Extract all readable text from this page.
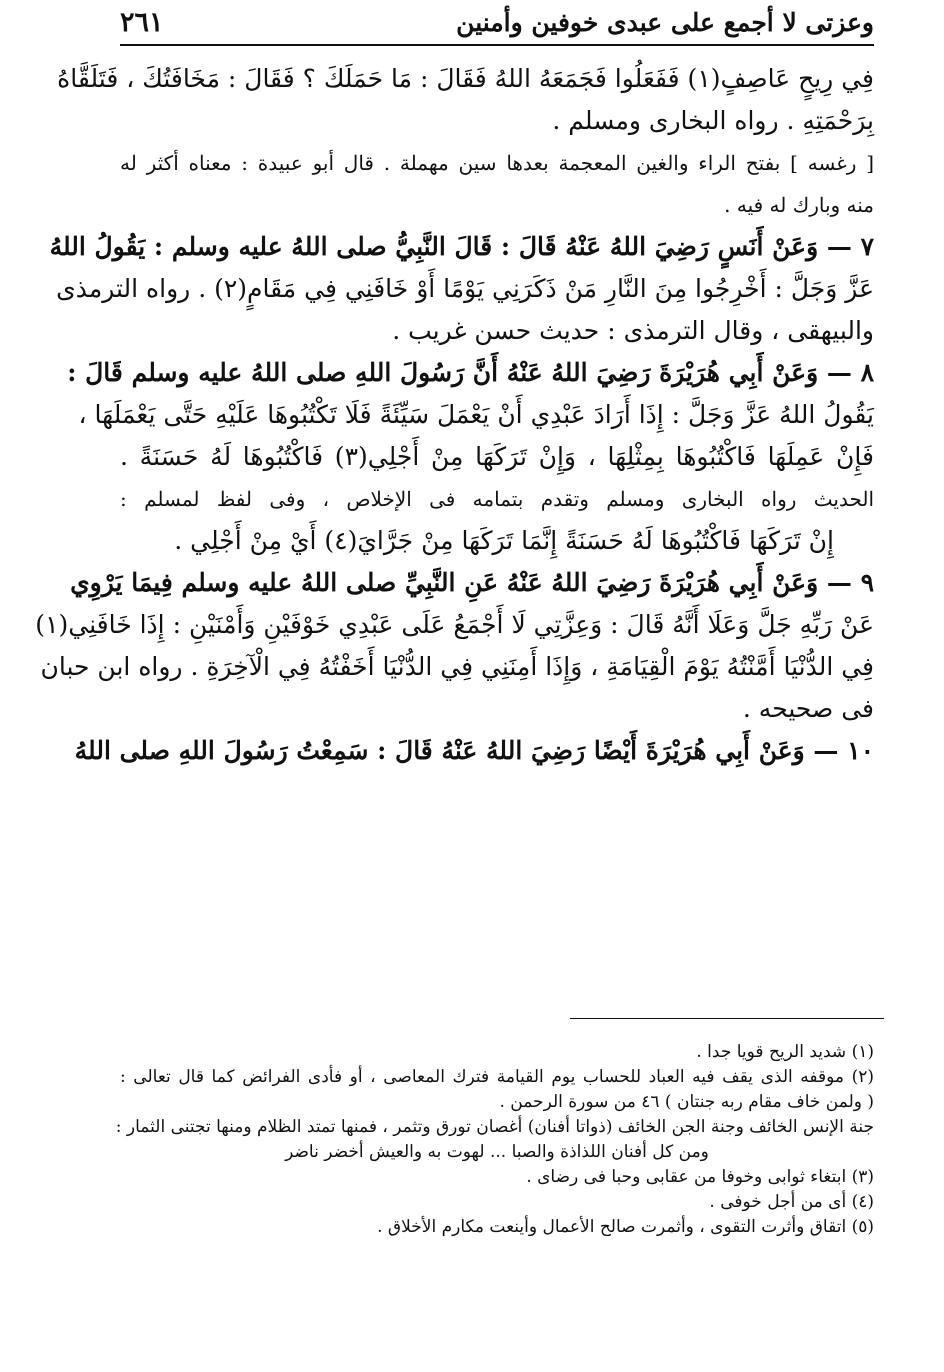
وعزتى لا أجمع على عبدى خوفين وأمنين
٢٦١
فِي رِيحٍ عَاصِفٍ(١) فَفَعَلُوا فَجَمَعَهُ اللهُ فَقَالَ : مَا حَمَلَكَ ؟ فَقَالَ : مَخَافَتُكَ ، فَتَلَقَّاهُ
بِرَحْمَتِهِ . رواه البخارى ومسلم .
[ رغسه ] بفتح الراء والغين المعجمة بعدها سين مهملة . قال أبو عبيدة : معناه أكثر له
منه وبارك له فيه .
٧ — وَعَنْ أَنَسٍ رَضِيَ اللهُ عَنْهُ قَالَ : قَالَ النَّبِيُّ صلى اللهُ عليه وسلم : يَقُولُ اللهُ
عَزَّ وَجَلَّ : أَخْرِجُوا مِنَ النَّارِ مَنْ ذَكَرَنِي يَوْمًا أَوْ خَافَنِي فِي مَقَامٍ(٢) . رواه الترمذى
والبيهقى ، وقال الترمذى : حديث حسن غريب .
٨ — وَعَنْ أَبِي هُرَيْرَةَ رَضِيَ اللهُ عَنْهُ أَنَّ رَسُولَ اللهِ صلى اللهُ عليه وسلم قَالَ :
يَقُولُ اللهُ عَزَّ وَجَلَّ : إِذَا أَرَادَ عَبْدِي أَنْ يَعْمَلَ سَيِّئَةً فَلَا تَكْتُبُوهَا عَلَيْهِ حَتَّى يَعْمَلَهَا ،
فَإِنْ عَمِلَهَا فَاكْتُبُوهَا بِمِثْلِهَا ، وَإِنْ تَرَكَهَا مِنْ أَجْلِي(٣) فَاكْتُبُوهَا لَهُ حَسَنَةً .
الحديث رواه البخارى ومسلم وتقدم بتمامه فى الإخلاص ، وفى لفظ لمسلم :
إِنْ تَرَكَهَا فَاكْتُبُوهَا لَهُ حَسَنَةً إِنَّمَا تَرَكَهَا مِنْ جَرَّايَ(٤) أَيْ مِنْ أَجْلِي .
٩ — وَعَنْ أَبِي هُرَيْرَةَ رَضِيَ اللهُ عَنْهُ عَنِ النَّبِيِّ صلى اللهُ عليه وسلم فِيمَا يَرْوِي
عَنْ رَبِّهِ جَلَّ وَعَلَا أَنَّهُ قَالَ : وَعِزَّتِي لَا أَجْمَعُ عَلَى عَبْدِي خَوْفَيْنِ وَأَمْنَيْنِ : إِذَا خَافَنِي(١)
فِي الدُّنْيَا أَمَّنْتُهُ يَوْمَ الْقِيَامَةِ ، وَإِذَا أَمِنَنِي فِي الدُّنْيَا أَخَفْتُهُ فِي الْآخِرَةِ . رواه ابن حبان
فى صحيحه .
١٠ — وَعَنْ أَبِي هُرَيْرَةَ أَيْضًا رَضِيَ اللهُ عَنْهُ قَالَ : سَمِعْتُ رَسُولَ اللهِ صلى اللهُ
(١) شديد الريح قويا جدا .
(٢) موقفه الذى يقف فيه العباد للحساب يوم القيامة فترك المعاصى ، أو فأدى الفرائض كما قال تعالى :
( ولمن خاف مقام ربه جنتان ) ٤٦ من سورة الرحمن .
جنة الإنس الخائف وجنة الجن الخائف (ذواتا أفنان) أغصان تورق وتثمر ، فمنها تمتد الظلام ومنها تجتنى الثمار :
ومن كل أفنان اللذاذة والصبا ... لهوت به والعيش أخضر ناضر
(٣) ابتغاء ثوابى وخوفا من عقابى وحبا فى رضاى .
(٤) أى من أجل خوفى .
(٥) اتقاق وأثرت التقوى ، وأثمرت صالح الأعمال وأينعت مكارم الأخلاق .
